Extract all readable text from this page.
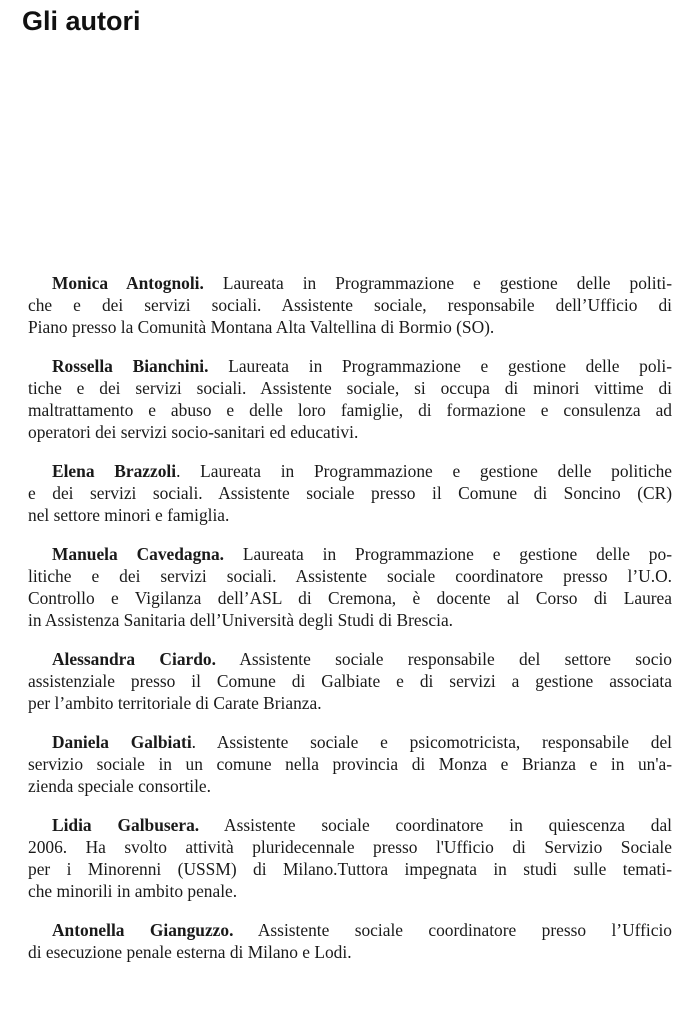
Gli autori

Monica Antognoli. Laureata in Programmazione e gestione delle politi-
che e dei servizi sociali. Assistente sociale, responsabile dell’Ufficio di
Piano presso la Comunità Montana Alta Valtellina di Bormio (SO).

Rossella Bianchini. Laureata in Programmazione e gestione delle poli-
tiche e dei servizi sociali. Assistente sociale, si occupa di minori vittime di
maltrattamento e abuso e delle loro famiglie, di formazione e consulenza ad
operatori dei servizi socio-sanitari ed educativi.

Elena Brazzoli. Laureata in Programmazione e gestione delle politiche
e dei servizi sociali. Assistente sociale presso il Comune di Soncino (CR)
nel settore minori e famiglia.

Manuela Cavedagna. Laureata in Programmazione e gestione delle po-
litiche e dei servizi sociali. Assistente sociale coordinatore presso l’U.O.
Controllo e Vigilanza dell’ASL di Cremona, è docente al Corso di Laurea
in Assistenza Sanitaria dell’Università degli Studi di Brescia.

Alessandra Ciardo. Assistente sociale responsabile del settore socio
assistenziale presso il Comune di Galbiate e di servizi a gestione associata
per l’ambito territoriale di Carate Brianza.

Daniela Galbiati. Assistente sociale e psicomotricista, responsabile del
servizio sociale in un comune nella provincia di Monza e Brianza e in un'a-
zienda speciale consortile.

Lidia Galbusera. Assistente sociale coordinatore in quiescenza dal
2006. Ha svolto attività pluridecennale presso l'Ufficio di Servizio Sociale
per i Minorenni (USSM) di Milano.Tuttora impegnata in studi sulle temati-
che minorili in ambito penale.

Antonella Gianguzzo. Assistente sociale coordinatore presso l’Ufficio
di esecuzione penale esterna di Milano e Lodi.
